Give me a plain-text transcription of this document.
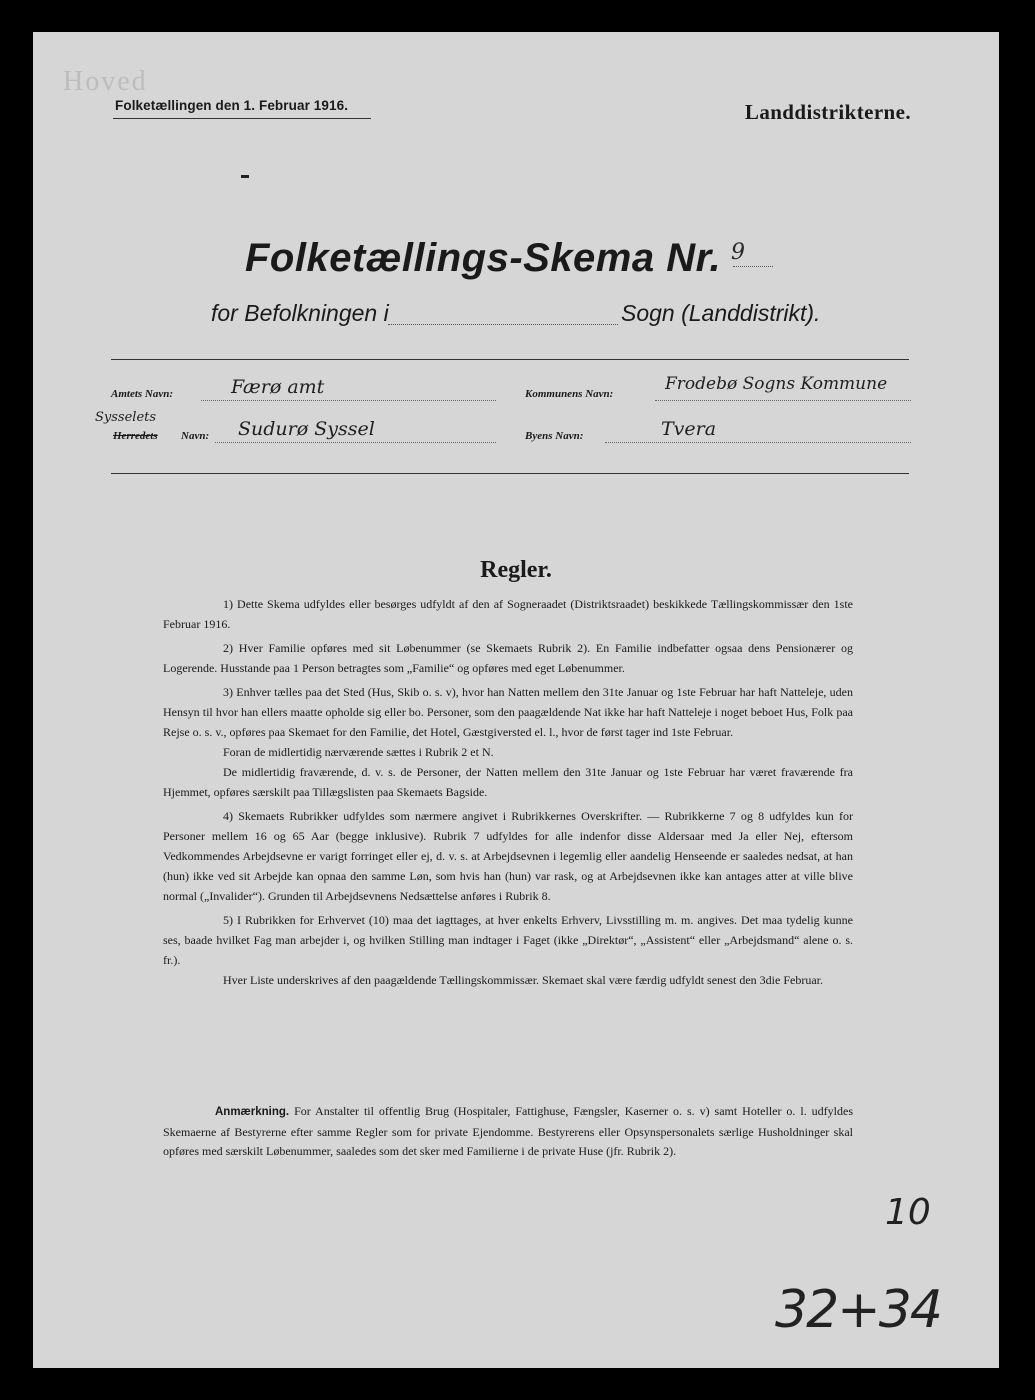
Hoved
Folketællingen den 1. Februar 1916.	Landdistrikterne.
Folketællings-Skema Nr. 9
for Befolkningen i	Sogn (Landdistrikt).
Amtets Navn:	Færø amt	Kommunens Navn:	Frodebø Sogns Kommune
Sysselets
Herredets Navn: Sudurø Syssel	Byens Navn:	Tvera
Regler.

1) Dette Skema udfyldes eller besørges udfyldt af den af Sogneraadet (Distriktsraadet) beskikkede Tællingskommissær den 1ste Februar 1916.

2) Hver Familie opføres med sit Løbenummer (se Skemaets Rubrik 2). En Familie indbefatter ogsaa dens Pensionærer og Logerende. Husstande paa 1 Person betragtes som „Familie“ og opføres med eget Løbenummer.

3) Enhver tælles paa det Sted (Hus, Skib o. s. v), hvor han Natten mellem den 31te Januar og 1ste Februar har haft Natteleje, uden Hensyn til hvor han ellers maatte opholde sig eller bo. Personer, som den paagældende Nat ikke har haft Natteleje i noget beboet Hus, Folk paa Rejse o. s. v., opføres paa Skemaet for den Familie, det Hotel, Gæstgiversted el. l., hvor de først tager ind 1ste Februar.

Foran de midlertidig nærværende sættes i Rubrik 2 et N.

De midlertidig fraværende, d. v. s. de Personer, der Natten mellem den 31te Januar og 1ste Februar har været fraværende fra Hjemmet, opføres særskilt paa Tillægslisten paa Skemaets Bagside.

4) Skemaets Rubrikker udfyldes som nærmere angivet i Rubrikkernes Overskrifter. — Rubrikkerne 7 og 8 udfyldes kun for Personer mellem 16 og 65 Aar (begge inklusive). Rubrik 7 udfyldes for alle indenfor disse Aldersaar med Ja eller Nej, eftersom Vedkommendes Arbejdsevne er varigt forringet eller ej, d. v. s. at Arbejdsevnen i legemlig eller aandelig Henseende er saaledes nedsat, at han (hun) ikke ved sit Arbejde kan opnaa den samme Løn, som hvis han (hun) var rask, og at Arbejdsevnen ikke kan antages atter at ville blive normal („Invalider“). Grunden til Arbejdsevnens Nedsættelse anføres i Rubrik 8.

5) I Rubrikken for Erhvervet (10) maa det iagttages, at hver enkelts Erhverv, Livsstilling m. m. angives. Det maa tydelig kunne ses, baade hvilket Fag man arbejder i, og hvilken Stilling man indtager i Faget (ikke „Direktør“, „Assistent“ eller „Arbejdsmand“ alene o. s. fr.).

Hver Liste underskrives af den paagældende Tællingskommissær. Skemaet skal være færdig udfyldt senest den 3die Februar.

Anmærkning. For Anstalter til offentlig Brug (Hospitaler, Fattighuse, Fængsler, Kaserner o. s. v) samt Hoteller o. l. udfyldes Skemaerne af Bestyrerne efter samme Regler som for private Ejendomme. Bestyrerens eller Opsynspersonalets særlige Husholdninger skal opføres med særskilt Løbenummer, saaledes som det sker med Familierne i de private Huse (jfr. Rubrik 2).

10
32+34
